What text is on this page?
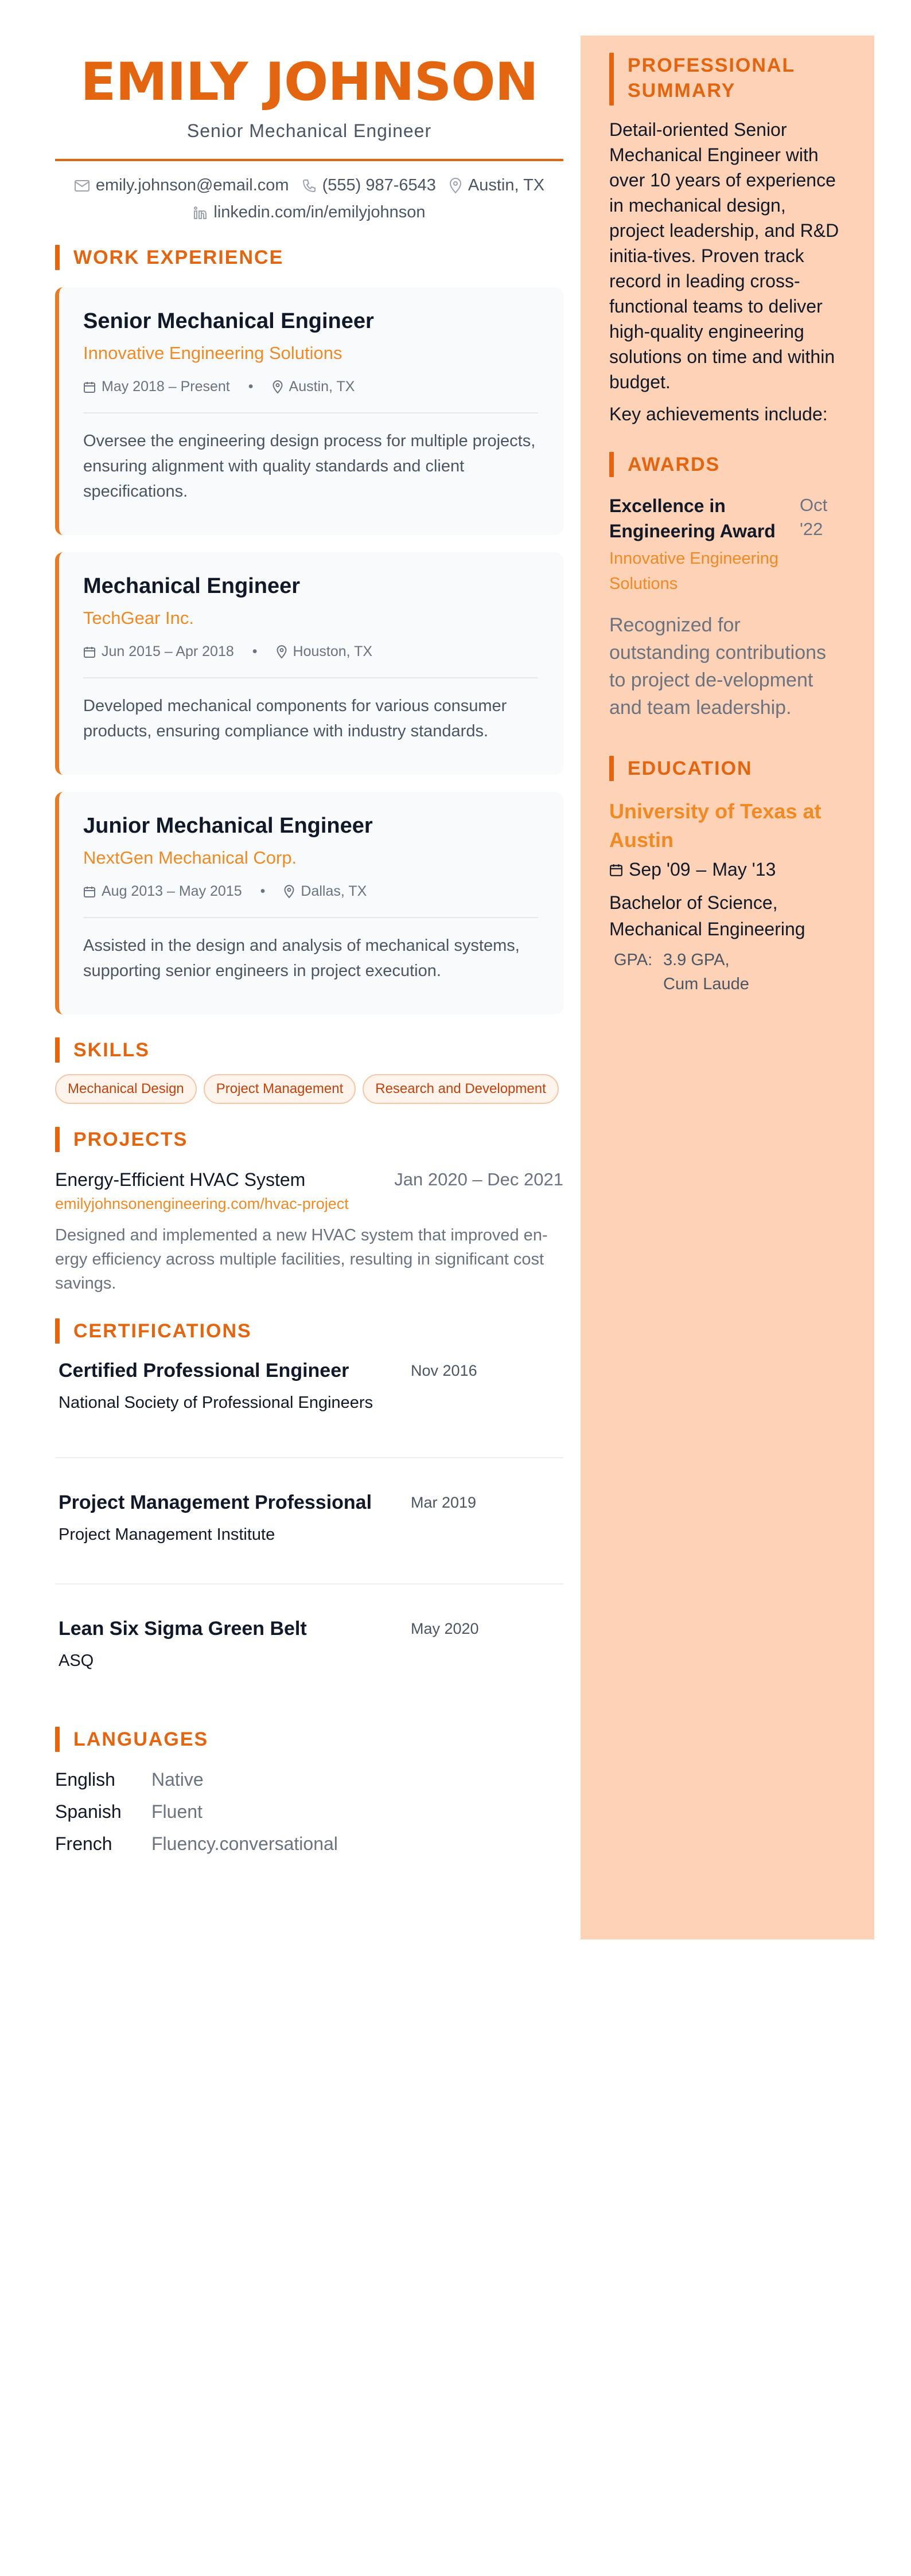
EMILY JOHNSON
Senior Mechanical Engineer
emily.johnson@email.com (555) 987-6543 Austin, TX
linkedin.com/in/emilyjohnson
WORK EXPERIENCE
Senior Mechanical Engineer
Innovative Engineering Solutions
May 2018 – Present • Austin, TX
Oversee the engineering design process for multiple projects, ensuring alignment with quality standards and client specifications.
Mechanical Engineer
TechGear Inc.
Jun 2015 – Apr 2018 • Houston, TX
Developed mechanical components for various consumer products, ensuring compliance with industry standards.
Junior Mechanical Engineer
NextGen Mechanical Corp.
Aug 2013 – May 2015 • Dallas, TX
Assisted in the design and analysis of mechanical systems, supporting senior engineers in project execution.
SKILLS
Mechanical Design	Project Management	Research and Development
PROJECTS
Energy-Efficient HVAC System	Jan 2020 – Dec 2021
emilyjohnsonengineering.com/hvac-project
Designed and implemented a new HVAC system that improved en-ergy efficiency across multiple facilities, resulting in significant cost savings.
CERTIFICATIONS
Certified Professional Engineer
National Society of Professional Engineers
Nov 2016
Project Management Professional
Project Management Institute
Mar 2019
Lean Six Sigma Green Belt
ASQ
May 2020
LANGUAGES
English	Native
Spanish	Fluent
French	Fluency.conversational
PROFESSIONAL SUMMARY
Detail-oriented Senior Mechanical Engineer with over 10 years of experience in mechanical design, project leadership, and R&D initia-tives. Proven track record in leading cross-functional teams to deliver high-quality engineering solutions on time and within budget.
Key achievements include:
AWARDS
Excellence in Engineering Award
Oct '22
Innovative Engineering Solutions
Recognized for outstanding contributions to project de-velopment and team leadership.
EDUCATION
University of Texas at Austin
Sep '09 – May '13
Bachelor of Science, Mechanical Engineering
GPA: 3.9 GPA, Cum Laude
